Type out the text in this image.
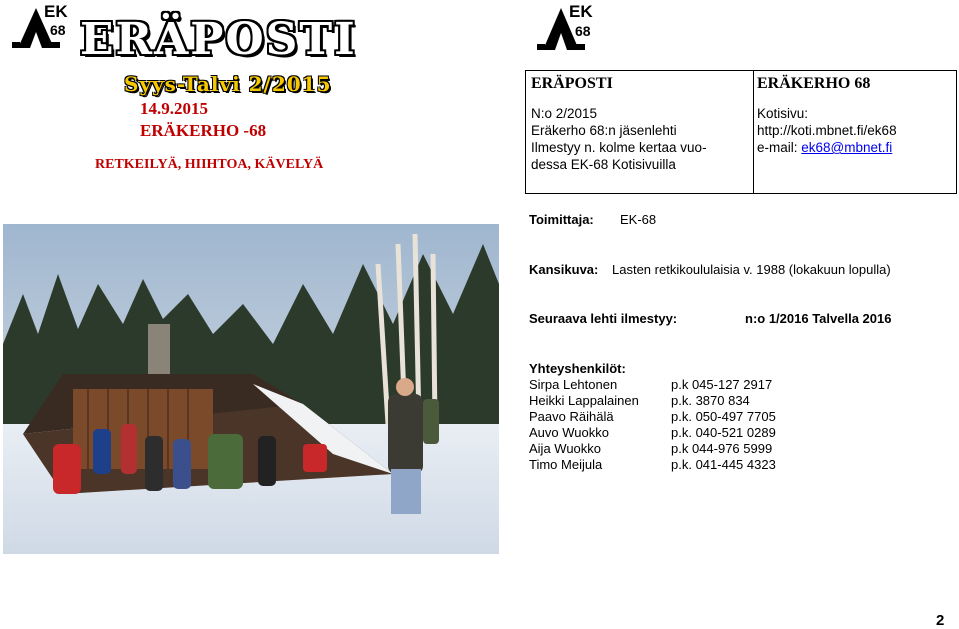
EK
68 ERÄPOSTI
Syys-Talvi 2/2015
14.9.2015
ERÄKERHO -68
RETKEILYÄ, HIIHTOA, KÄVELYÄ
EK
68
ERÄPOSTI
N:o 2/2015
Eräkerho 68:n jäsenlehti
Ilmestyy n. kolme kertaa vuo-
dessa EK-68 Kotisivuilla
ERÄKERHO 68
Kotisivu:
http://koti.mbnet.fi/ek68
e-mail: ek68@mbnet.fi
Toimittaja: EK-68
Kansikuva: Lasten retkikoululaisia v. 1988 (lokakuun lopulla)
Seuraava lehti ilmestyy:	n:o 1/2016 Talvella 2016
Yhteyshenkilöt:
Sirpa Lehtonen	p.k 045-127 2917
Heikki Lappalainen	p.k. 3870 834
Paavo Räihälä	p.k. 050-497 7705
Auvo Wuokko	p.k. 040-521 0289
Aija Wuokko	p.k 044-976 5999
Timo Meijula	p.k. 041-445 4323
2
